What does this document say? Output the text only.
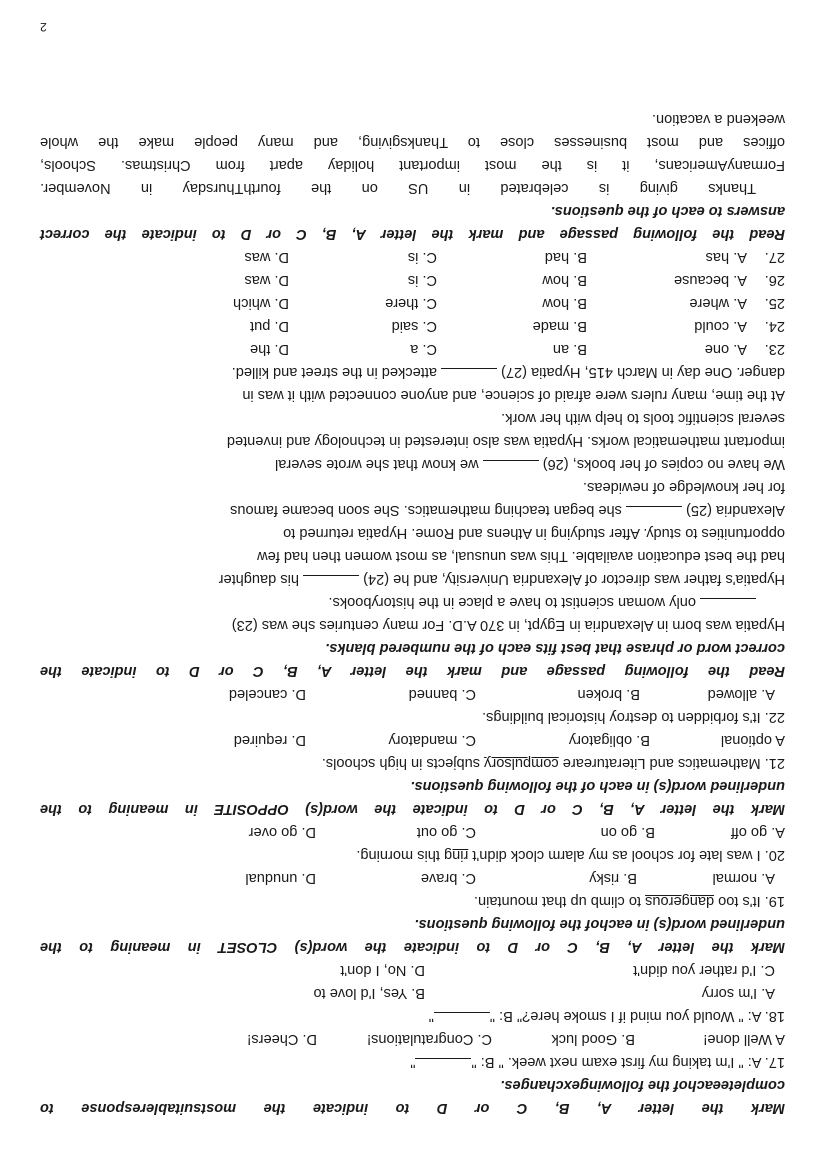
Mark the letter A, B, C or D to indicate the mostsuitableresponse to
completeeachof the followingexchanges.
17. A: " I'm taking my first exam next week. " B: ""
A Well done!
B. Good luck
C. Congratulations!
D. Cheers!
18. A: " Would you mind if I smoke here?" B: ""
A. I'm sorry
B. Yes, I'd love to
C. I'd rather you didn't
D. No, I don't
Mark the letter A, B, C or D to indicate the word(s) CLOSET in meaning to the
underlined word(s) in eachof the following questions.
19. It's too dangerous to climb up that mountain.
A. normal
B. risky
C. brave
D. unudual
20. I was late for school as my alarm clock didn't ring this morning.
A. go off
B. go on
C. go out
D. go over
Mark the letter A, B, C or D to indicate the word(s) OPPOSITE in meaning to the
underlined word(s) in each of the following questions.
21. Mathematics and Literatureare compulsory subjects in high schools.
A optional
B. obligatory
C. mandatory
D. required
22. It's forbidden to destroy historical buildings.
A. allowed
B. broken
C. banned
D. canceled
Read the following passage and mark the letter A, B, C or D to indicate the
correct word or phrase that best fits each of the numbered blanks.
Hypatia was born in Alexandria in Egypt, in 370 A.D. For many centuries she was (23)
only woman scientist to have a place in the historybooks.
Hypatia's father was director of Alexandria University, and he (24)  his daughter
had the best education available. This was unusual, as most women then had few
opportunities to study. After studying in Athens and Rome. Hypatia returned to
Alexandria (25)  she began teaching mathematics. She soon became famous
for her knowledge of newideas.
We have no copies of her books, (26)  we know that she wrote several
important mathematical works. Hypatia was also interested in technology and invented
several scientific tools to help with her work.
At the time, many rulers were afraid of science, and anyone connected with it was in
danger. One day in March 415, Hypatia (27)  attecked in the street and killed.
23.
A. one
B. an
C. a
D. the
24.
A. could
B. made
C. said
D. put
25.
A. where
B. how
C. there
D. which
26.
A. because
B. how
C. is
D. was
27.
A. has
B. had
C. is
D. was
Read the following passage and mark the letter A, B, C or D to indicate the correct
answers to each of the questions.
Thanks giving is celebrated in US on the fourthThursday in November.
FormanyAmericans, it is the most important holiday apart from Christmas. Schools,
offices and most businesses close to Thanksgiving, and many people make the whole
weekend a vacation.
2
